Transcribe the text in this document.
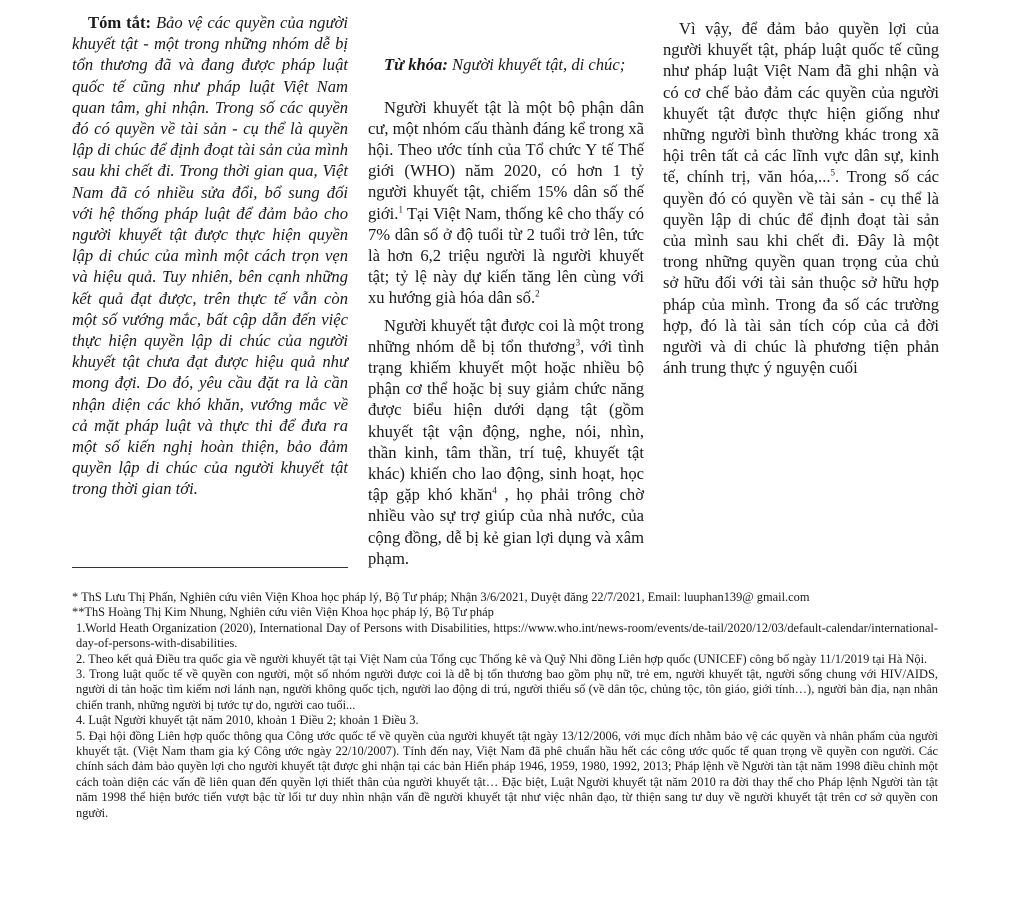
Tóm tắt: Bảo vệ các quyền của người khuyết tật - một trong những nhóm dễ bị tổn thương đã và đang được pháp luật quốc tế cũng như pháp luật Việt Nam quan tâm, ghi nhận. Trong số các quyền đó có quyền về tài sản - cụ thể là quyền lập di chúc để định đoạt tài sản của mình sau khi chết đi. Trong thời gian qua, Việt Nam đã có nhiều sửa đổi, bổ sung đối với hệ thống pháp luật để đảm bảo cho người khuyết tật được thực hiện quyền lập di chúc của mình một cách trọn vẹn và hiệu quả. Tuy nhiên, bên cạnh những kết quả đạt được, trên thực tế vẫn còn một số vướng mắc, bất cập dẫn đến việc thực hiện quyền lập di chúc của người khuyết tật chưa đạt được hiệu quả như mong đợi. Do đó, yêu cầu đặt ra là cần nhận diện các khó khăn, vướng mắc về cả mặt pháp luật và thực thi để đưa ra một số kiến nghị hoàn thiện, bảo đảm quyền lập di chúc của người khuyết tật trong thời gian tới.

Từ khóa: Người khuyết tật, di chúc;

Người khuyết tật là một bộ phận dân cư, một nhóm cấu thành đáng kể trong xã hội. Theo ước tính của Tổ chức Y tế Thế giới (WHO) năm 2020, có hơn 1 tỷ người khuyết tật, chiếm 15% dân số thế giới.$^1$ Tại Việt Nam, thống kê cho thấy có 7% dân số ở độ tuổi từ 2 tuổi trở lên, tức là hơn 6,2 triệu người là người khuyết tật; tỷ lệ này dự kiến tăng lên cùng với xu hướng già hóa dân số.$^2$

Người khuyết tật được coi là một trong những nhóm dễ bị tổn thương$^3$, với tình trạng khiếm khuyết một hoặc nhiều bộ phận cơ thể hoặc bị suy giảm chức năng được biểu hiện dưới dạng tật (gồm khuyết tật vận động, nghe, nói, nhìn, thần kinh, tâm thần, trí tuệ, khuyết tật khác) khiến cho lao động, sinh hoạt, học tập gặp khó khăn$^4$ , họ phải trông chờ nhiều vào sự trợ giúp của nhà nước, của cộng đồng, dễ bị kẻ gian lợi dụng và xâm phạm.

Vì vậy, để đảm bảo quyền lợi của người khuyết tật, pháp luật quốc tế cũng như pháp luật Việt Nam đã ghi nhận và có cơ chế bảo đảm các quyền của người khuyết tật được thực hiện giống như những người bình thường khác trong xã hội trên tất cả các lĩnh vực dân sự, kinh tế, chính trị, văn hóa,...$^5$. Trong số các quyền đó có quyền về tài sản - cụ thể là quyền lập di chúc để định đoạt tài sản của mình sau khi chết đi. Đây là một trong những quyền quan trọng của chủ sở hữu đối với tài sản thuộc sở hữu hợp pháp của mình. Trong đa số các trường hợp, đó là tài sản tích cóp của cả đời người và di chúc là phương tiện phản ánh trung thực ý nguyện cuối

* ThS Lưu Thị Phấn, Nghiên cứu viên Viện Khoa học pháp lý, Bộ Tư pháp; Nhận 3/6/2021, Duyệt đăng 22/7/2021, Email: luuphan139@ gmail.com

**ThS Hoàng Thị Kim Nhung, Nghiên cứu viên Viện Khoa học pháp lý, Bộ Tư pháp

1.World Heath Organization (2020), International Day of Persons with Disabilities, https://www.who.int/news-room/events/de-tail/2020/12/03/default-calendar/international-day-of-persons-with-disabilities.

2. Theo kết quả Điều tra quốc gia về người khuyết tật tại Việt Nam của Tổng cục Thống kê và Quỹ Nhi đồng Liên hợp quốc (UNICEF) công bố ngày 11/1/2019 tại Hà Nội.

3. Trong luật quốc tế về quyền con người, một số nhóm người được coi là dễ bị tổn thương bao gồm phụ nữ, trẻ em, người khuyết tật, người sống chung với HIV/AIDS, người di tản hoặc tìm kiếm nơi lánh nạn, người không quốc tịch, người lao động di trú, người thiểu số (về dân tộc, chủng tộc, tôn giáo, giới tính…), người bản địa, nạn nhân chiến tranh, những người bị tước tự do, người cao tuổi...

4. Luật Người khuyết tật năm 2010, khoản 1 Điều 2; khoản 1 Điều 3.

5. Đại hội đồng Liên hợp quốc thông qua Công ước quốc tế về quyền của người khuyết tật ngày 13/12/2006, với mục đích nhằm bảo vệ các quyền và nhân phẩm của người khuyết tật. (Việt Nam tham gia ký Công ước ngày 22/10/2007). Tính đến nay, Việt Nam đã phê chuẩn hầu hết các công ước quốc tế quan trọng về quyền con người. Các chính sách đảm bảo quyền lợi cho người khuyết tật được ghi nhận tại các bản Hiến pháp 1946, 1959, 1980, 1992, 2013; Pháp lệnh về Người tàn tật năm 1998 điều chỉnh một cách toàn diện các vấn đề liên quan đến quyền lợi thiết thân của người khuyết tật… Đặc biệt, Luật Người khuyết tật năm 2010 ra đời thay thế cho Pháp lệnh Người tàn tật năm 1998 thể hiện bước tiến vượt bậc từ lối tư duy nhìn nhận vấn đề người khuyết tật như việc nhân đạo, từ thiện sang tư duy về người khuyết tật trên cơ sở quyền con người.
